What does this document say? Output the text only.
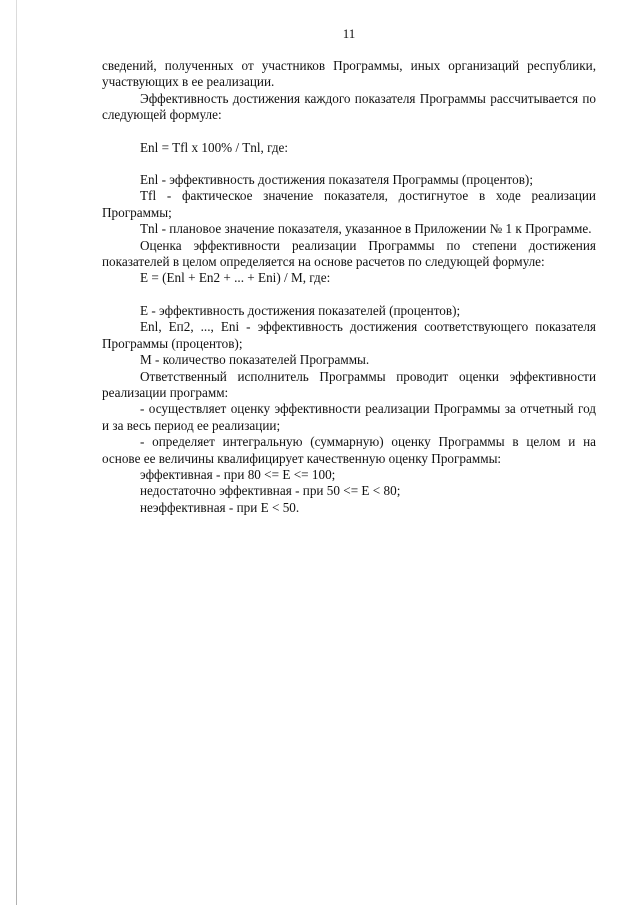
11

сведений, полученных от участников Программы, иных организаций республики, участвующих в ее реализации.

Эффективность достижения каждого показателя Программы рассчитывается по следующей формуле:

Enl = Tfl x 100% / Tnl, где:

Enl - эффективность достижения показателя Программы (процентов);

Tfl - фактическое значение показателя, достигнутое в ходе реализации Программы;

Tnl - плановое значение показателя, указанное в Приложении № 1 к Программе.

Оценка эффективности реализации Программы по степени достижения показателей в целом определяется на основе расчетов по следующей формуле:

E = (Enl + En2 + ... + Eni) / M, где:

E - эффективность достижения показателей (процентов);

Enl, Eп2, ..., Eni - эффективность достижения соответствующего показателя Программы (процентов);

M - количество показателей Программы.

Ответственный исполнитель Программы проводит оценки эффективности реализации программ:

- осуществляет оценку эффективности реализации Программы за отчетный год и за весь период ее реализации;

- определяет интегральную (суммарную) оценку Программы в целом и на основе ее величины квалифицирует качественную оценку Программы:

эффективная - при 80 <= E <= 100;

недостаточно эффективная - при 50 <= E < 80;

неэффективная - при E < 50.
